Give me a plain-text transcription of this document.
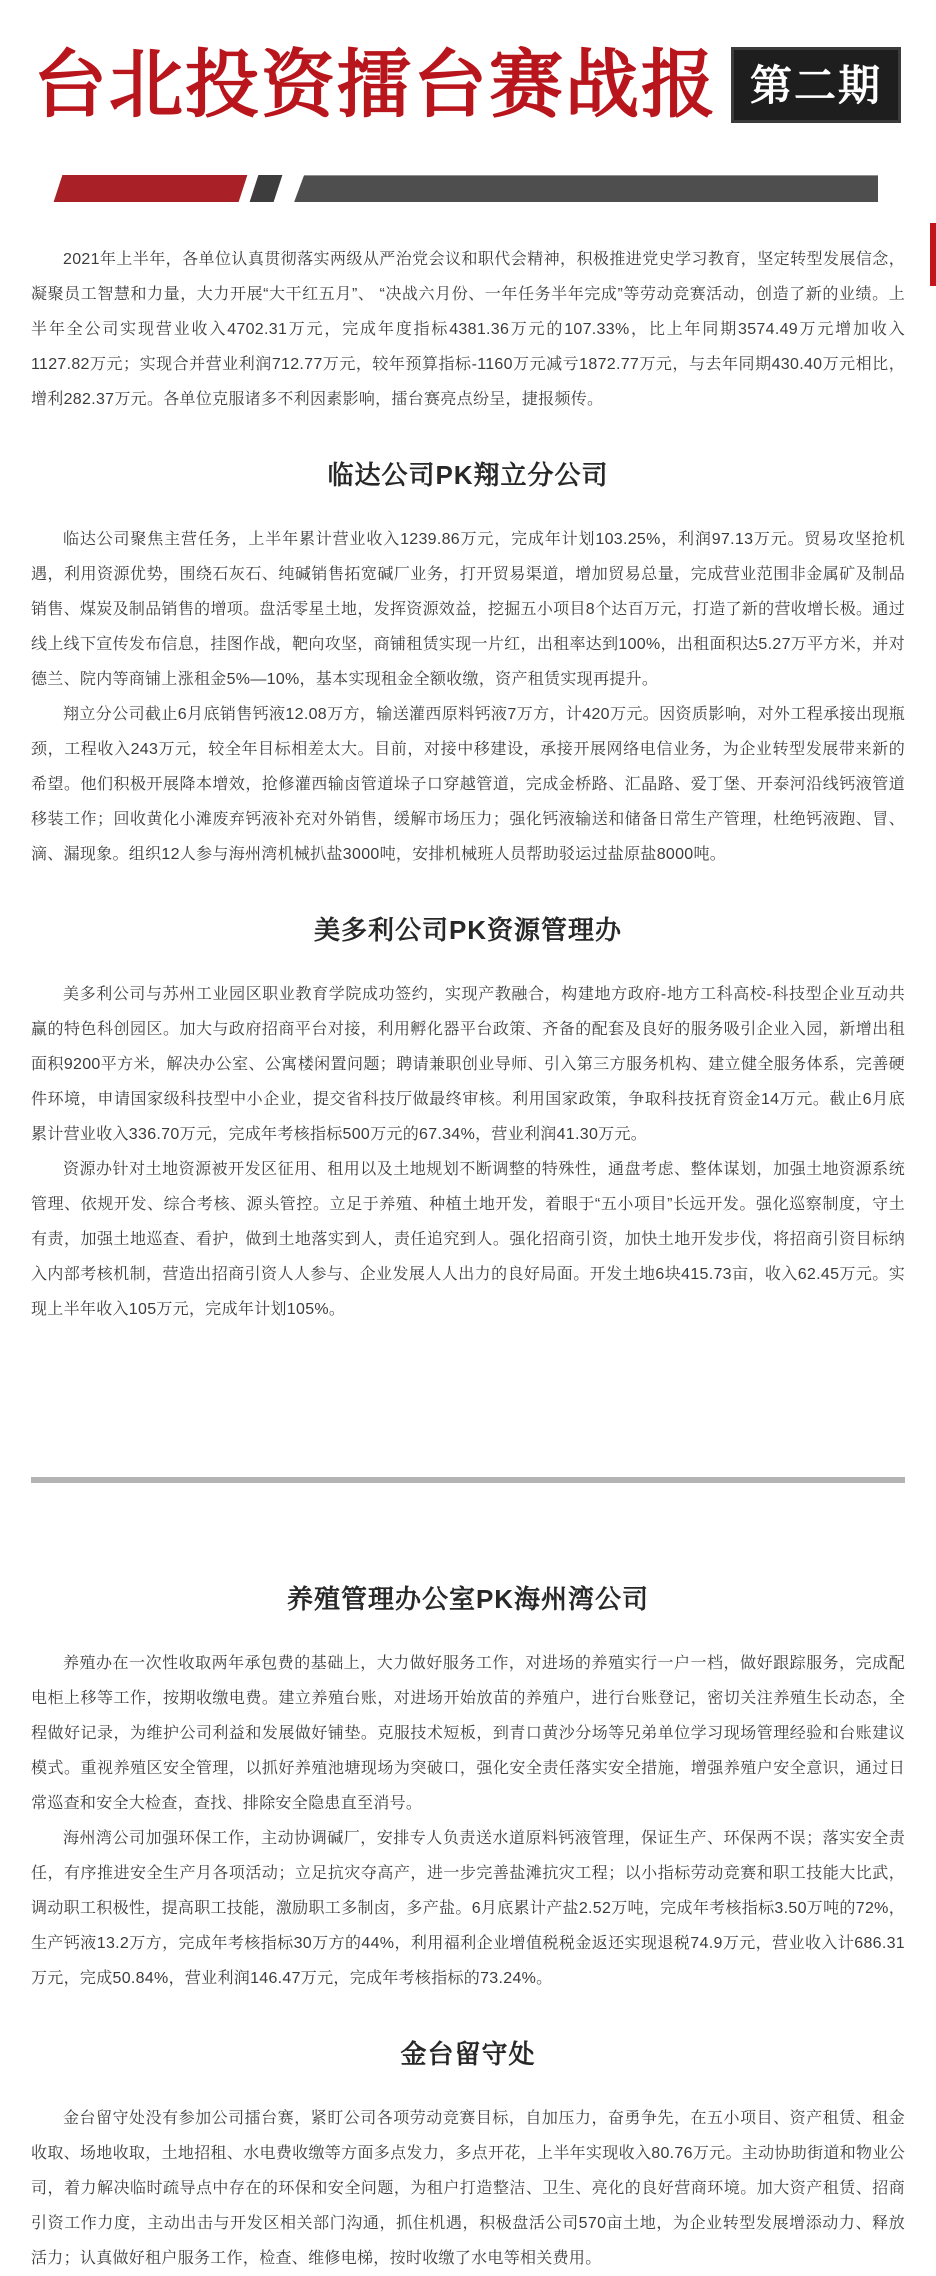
台北投资擂台赛战报 第二期

2021年上半年，各单位认真贯彻落实两级从严治党会议和职代会精神，积极推进党史学习教育，坚定转型发展信念，凝聚员工智慧和力量，大力开展“大干红五月”、 “决战六月份、一年任务半年完成”等劳动竞赛活动，创造了新的业绩。上半年全公司实现营业收入4702.31万元，完成年度指标4381.36万元的107.33%，比上年同期3574.49万元增加收入1127.82万元；实现合并营业利润712.77万元，较年预算指标-1160万元减亏1872.77万元，与去年同期430.40万元相比，增利282.37万元。各单位克服诸多不利因素影响，擂台赛亮点纷呈，捷报频传。

临达公司PK翔立分公司

临达公司聚焦主营任务，上半年累计营业收入1239.86万元，完成年计划103.25%，利润97.13万元。贸易攻坚抢机遇，利用资源优势，围绕石灰石、纯碱销售拓宽碱厂业务，打开贸易渠道，增加贸易总量，完成营业范围非金属矿及制品销售、煤炭及制品销售的增项。盘活零星土地，发挥资源效益，挖掘五小项目8个达百万元，打造了新的营收增长极。通过线上线下宣传发布信息，挂图作战，靶向攻坚，商铺租赁实现一片红，出租率达到100%，出租面积达5.27万平方米，并对德兰、院内等商铺上涨租金5%—10%，基本实现租金全额收缴，资产租赁实现再提升。

翔立分公司截止6月底销售钙液12.08万方，输送灌西原料钙液7万方，计420万元。因资质影响，对外工程承接出现瓶颈，工程收入243万元，较全年目标相差太大。目前，对接中移建设，承接开展网络电信业务，为企业转型发展带来新的希望。他们积极开展降本增效，抢修灌西输卤管道垛子口穿越管道，完成金桥路、汇晶路、爱丁堡、开泰河沿线钙液管道移装工作；回收黄化小滩废弃钙液补充对外销售，缓解市场压力；强化钙液输送和储备日常生产管理，杜绝钙液跑、冒、滴、漏现象。组织12人参与海州湾机械扒盐3000吨，安排机械班人员帮助驳运过盐原盐8000吨。

美多利公司PK资源管理办

美多利公司与苏州工业园区职业教育学院成功签约，实现产教融合，构建地方政府-地方工科高校-科技型企业互动共赢的特色科创园区。加大与政府招商平台对接，利用孵化器平台政策、齐备的配套及良好的服务吸引企业入园，新增出租面积9200平方米，解决办公室、公寓楼闲置问题；聘请兼职创业导师、引入第三方服务机构、建立健全服务体系，完善硬件环境，申请国家级科技型中小企业，提交省科技厅做最终审核。利用国家政策，争取科技抚育资金14万元。截止6月底累计营业收入336.70万元，完成年考核指标500万元的67.34%，营业利润41.30万元。

资源办针对土地资源被开发区征用、租用以及土地规划不断调整的特殊性，通盘考虑、整体谋划，加强土地资源系统管理、依规开发、综合考核、源头管控。立足于养殖、种植土地开发，着眼于“五小项目”长远开发。强化巡察制度，守土有责，加强土地巡查、看护，做到土地落实到人，责任追究到人。强化招商引资，加快土地开发步伐，将招商引资目标纳入内部考核机制，营造出招商引资人人参与、企业发展人人出力的良好局面。开发土地6块415.73亩，收入62.45万元。实现上半年收入105万元，完成年计划105%。

养殖管理办公室PK海州湾公司

养殖办在一次性收取两年承包费的基础上，大力做好服务工作，对进场的养殖实行一户一档，做好跟踪服务，完成配电柜上移等工作，按期收缴电费。建立养殖台账，对进场开始放苗的养殖户，进行台账登记，密切关注养殖生长动态，全程做好记录，为维护公司利益和发展做好铺垫。克服技术短板，到青口黄沙分场等兄弟单位学习现场管理经验和台账建议模式。重视养殖区安全管理，以抓好养殖池塘现场为突破口，强化安全责任落实安全措施，增强养殖户安全意识，通过日常巡查和安全大检查，查找、排除安全隐患直至消号。

海州湾公司加强环保工作，主动协调碱厂，安排专人负责送水道原料钙液管理，保证生产、环保两不误；落实安全责任，有序推进安全生产月各项活动；立足抗灾夺高产，进一步完善盐滩抗灾工程；以小指标劳动竞赛和职工技能大比武，调动职工积极性，提高职工技能，激励职工多制卤，多产盐。6月底累计产盐2.52万吨，完成年考核指标3.50万吨的72%，生产钙液13.2万方，完成年考核指标30万方的44%，利用福利企业增值税税金返还实现退税74.9万元，营业收入计686.31万元，完成50.84%，营业利润146.47万元，完成年考核指标的73.24%。

金台留守处

金台留守处没有参加公司擂台赛，紧盯公司各项劳动竞赛目标，自加压力，奋勇争先，在五小项目、资产租赁、租金收取、场地收取，土地招租、水电费收缴等方面多点发力，多点开花，上半年实现收入80.76万元。主动协助街道和物业公司，着力解决临时疏导点中存在的环保和安全问题，为租户打造整洁、卫生、亮化的良好营商环境。加大资产租赁、招商引资工作力度，主动出击与开发区相关部门沟通，抓住机遇，积极盘活公司570亩土地，为企业转型发展增添动力、释放活力；认真做好租户服务工作，检查、维修电梯，按时收缴了水电等相关费用。
